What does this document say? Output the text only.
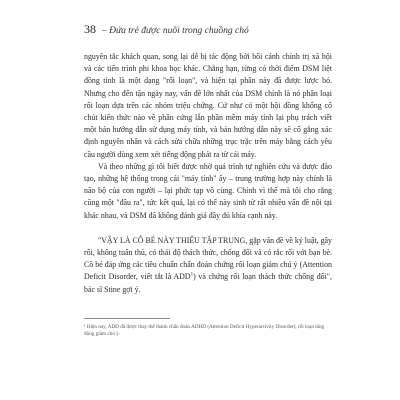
38 – Đứa trẻ được nuôi trong chuồng chó

nguyên tắc khách quan, song lại dễ bị tác động bởi bối cảnh chính trị xã hội và các tiến trình phi khoa học khác. Chẳng hạn, từng có thời điểm DSM liệt đồng tính là một dạng "rối loạn", và hiện tại phân này đã được lược bỏ. Nhưng cho đến tận ngày nay, vấn đề lớn nhất của DSM chính là nó phân loại rối loạn dựa trên các nhóm triệu chứng. Cứ như có một hội đồng khổng cố chút kiến thức nào về phần cứng lẫn phần mềm máy tính lại phụ trách viết một bản hướng dẫn sử dụng máy tính, và bản hướng dẫn này sẽ cố gắng xác định nguyên nhân và cách sửa chữa những trục trặc trên máy bằng cách yêu cầu người dùng xem xét tiếng động phát ra từ cái máy.

Và theo những gì tôi biết được nhờ quá trình tự nghiên cứu và được đào tạo, những hệ thống trong cái "máy tính" ấy – trung trường hợp này chính là não bộ của con người – lại phức tạp vô cùng. Chính vì thế mà tôi cho rằng cũng một "đầu ra", tức kết quả, lại có thể này sinh từ rất nhiều vấn đề nội tại khác nhau, và DSM đã không đánh giá đầy đủ khía cạnh này.

"VẬY LÀ CÔ BÉ NÀY THIẾU TẬP TRUNG, gặp vấn đề về kỷ luật, gây rối, không tuân thủ, có thái độ thách thức, chống đối và có rắc rối với bạn bè. Cô bé đáp ứng các tiêu chuẩn chẩn đoán chứng rối loạn giảm chú ý (Attention Deficit Disorder, viết tắt là ADD$^1$) và chứng rối loạn thách thức chống đối", bác sĩ Stine gợi ý.

¹ Hiện nay, ADD đã được thay thế thành chẩn đoán ADHD (Attention Deficit Hyperactivity Disorder), rối loạn tăng động giảm chú ý.
